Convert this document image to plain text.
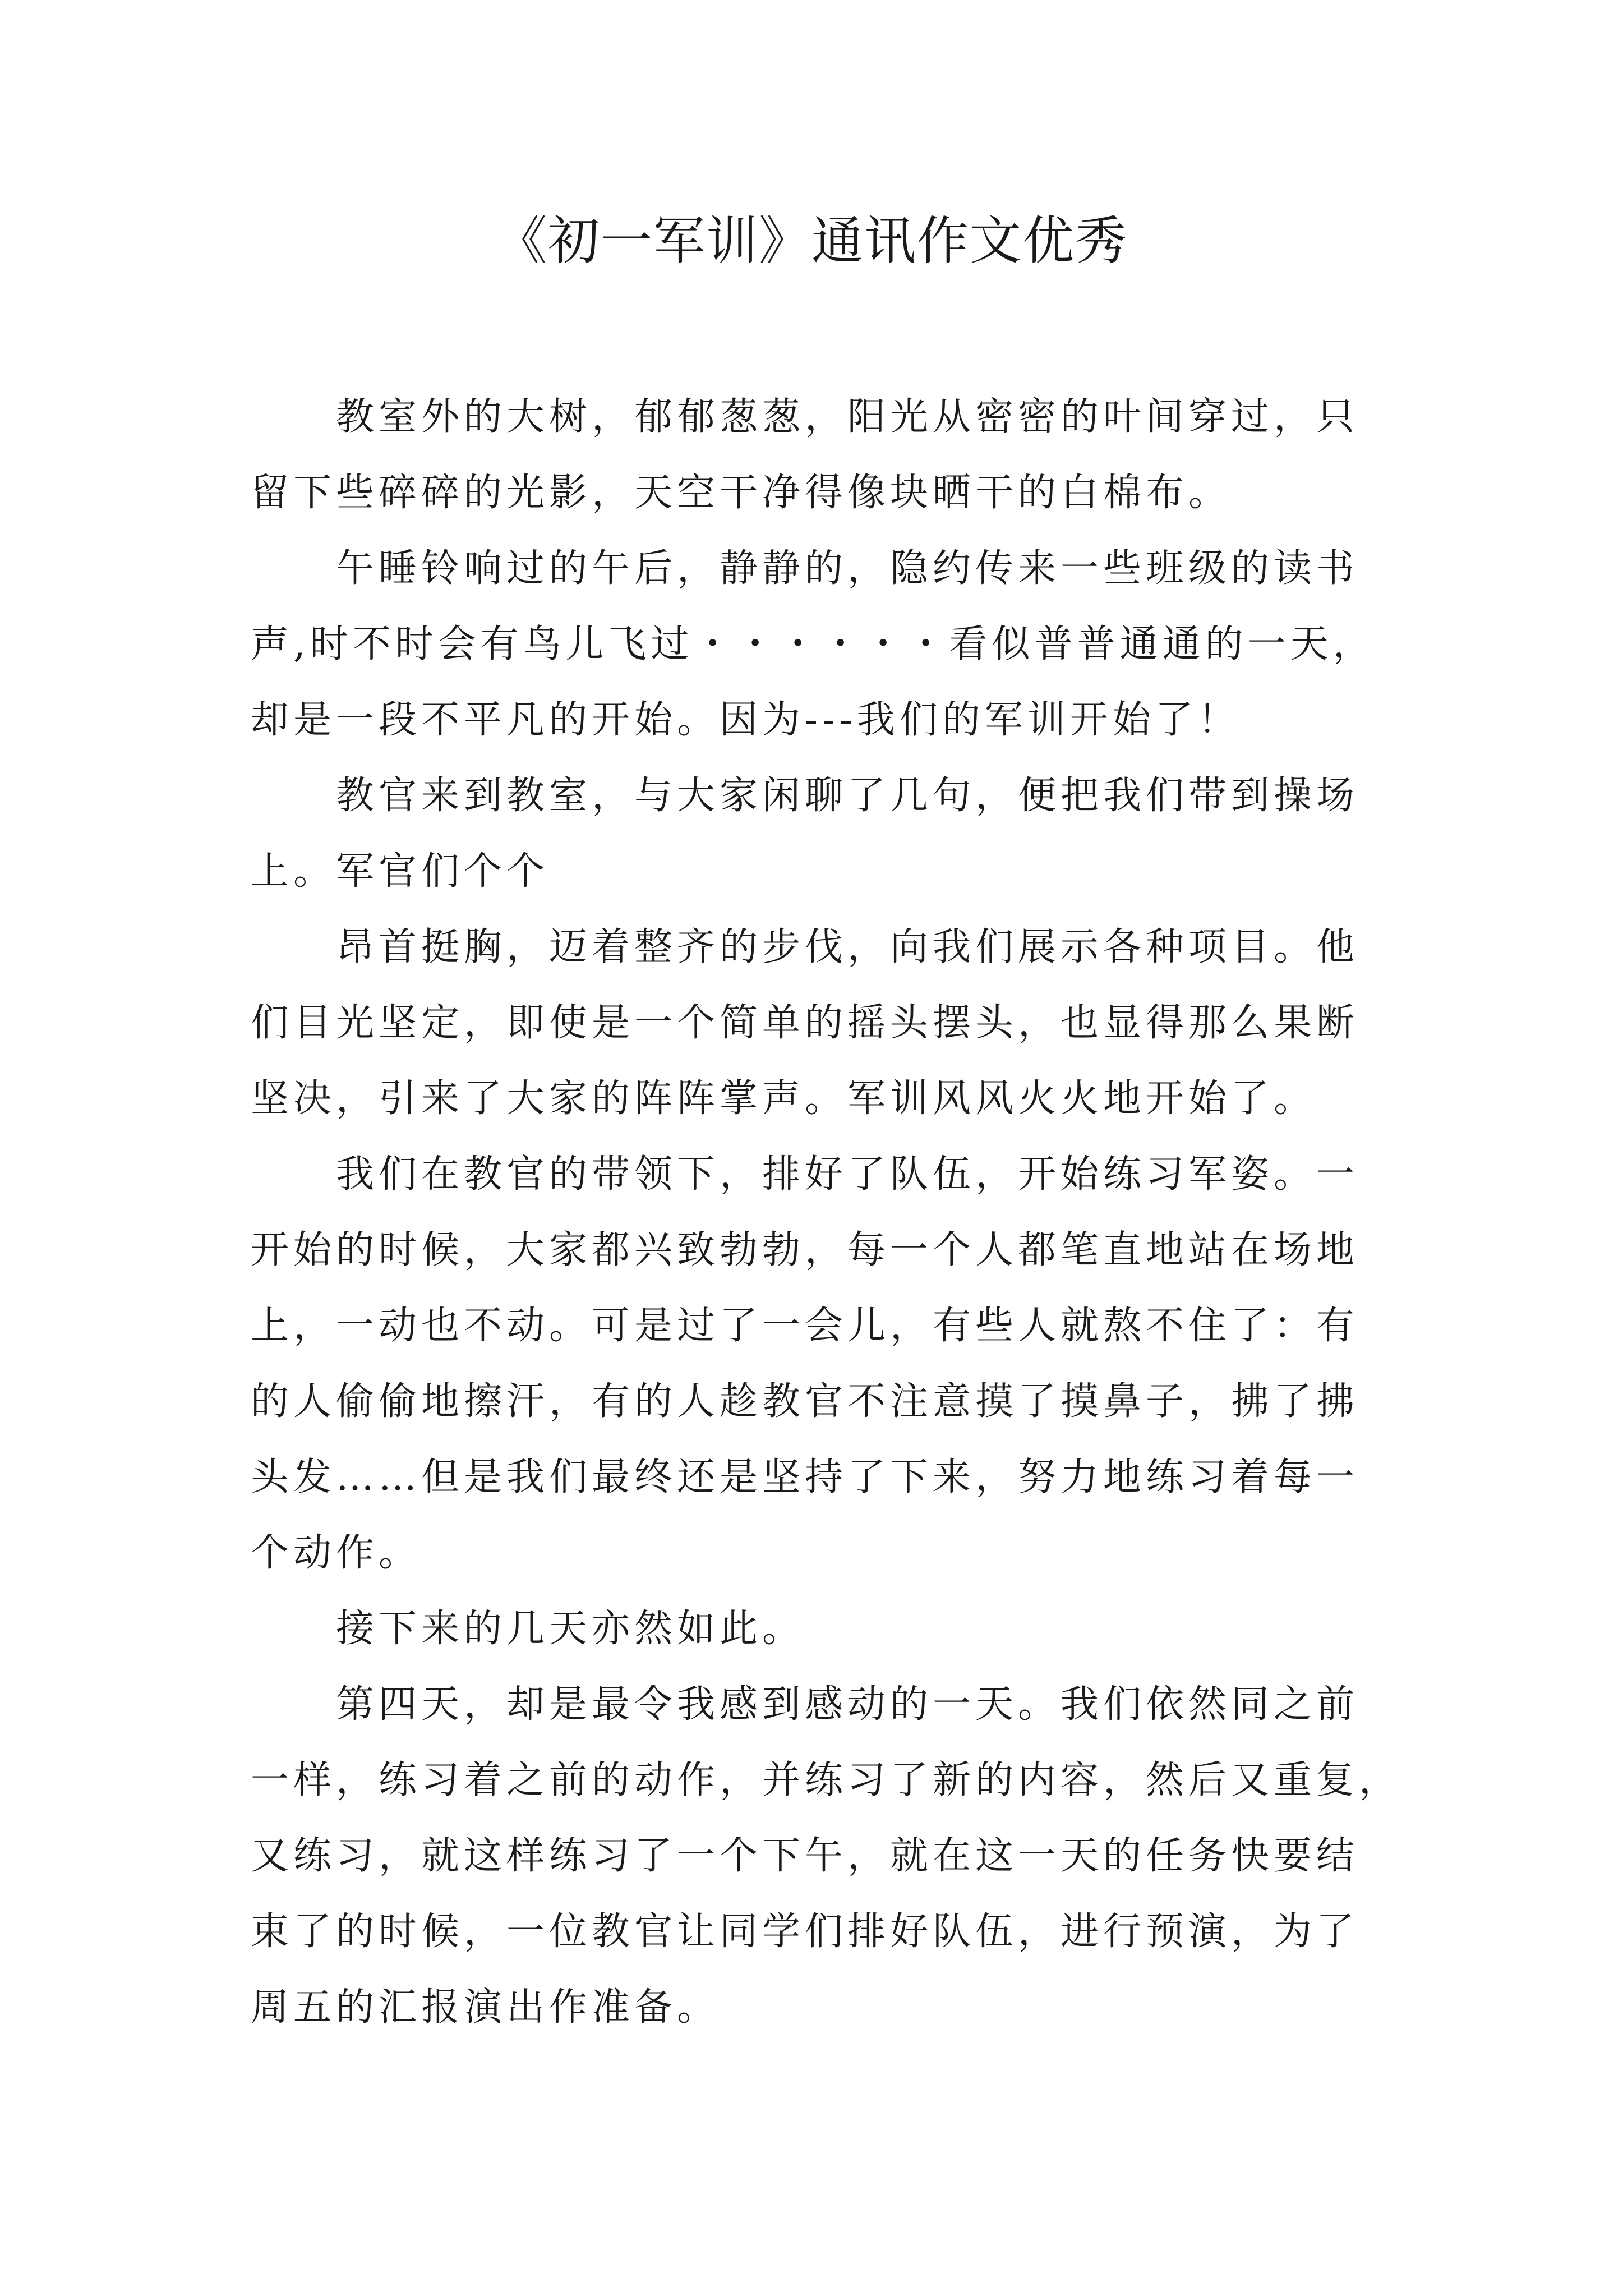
《初一军训》通讯作文优秀

教室外的大树，郁郁葱葱，阳光从密密的叶间穿过，只
留下些碎碎的光影，天空干净得像块晒干的白棉布。

午睡铃响过的午后，静静的，隐约传来一些班级的读书
声,时不时会有鸟儿飞过・・・・・・看似普普通通的一天，
却是一段不平凡的开始。因为---我们的军训开始了！

教官来到教室，与大家闲聊了几句，便把我们带到操场
上。军官们个个

昂首挺胸，迈着整齐的步伐，向我们展示各种项目。他
们目光坚定，即使是一个简单的摇头摆头，也显得那么果断
坚决，引来了大家的阵阵掌声。军训风风火火地开始了。

我们在教官的带领下，排好了队伍，开始练习军姿。一
开始的时候，大家都兴致勃勃，每一个人都笔直地站在场地
上，一动也不动。可是过了一会儿，有些人就熬不住了：有
的人偷偷地擦汗，有的人趁教官不注意摸了摸鼻子，拂了拂
头发……但是我们最终还是坚持了下来，努力地练习着每一
个动作。

接下来的几天亦然如此。

第四天，却是最令我感到感动的一天。我们依然同之前
一样，练习着之前的动作，并练习了新的内容，然后又重复，
又练习，就这样练习了一个下午，就在这一天的任务快要结
束了的时候，一位教官让同学们排好队伍，进行预演，为了
周五的汇报演出作准备。
